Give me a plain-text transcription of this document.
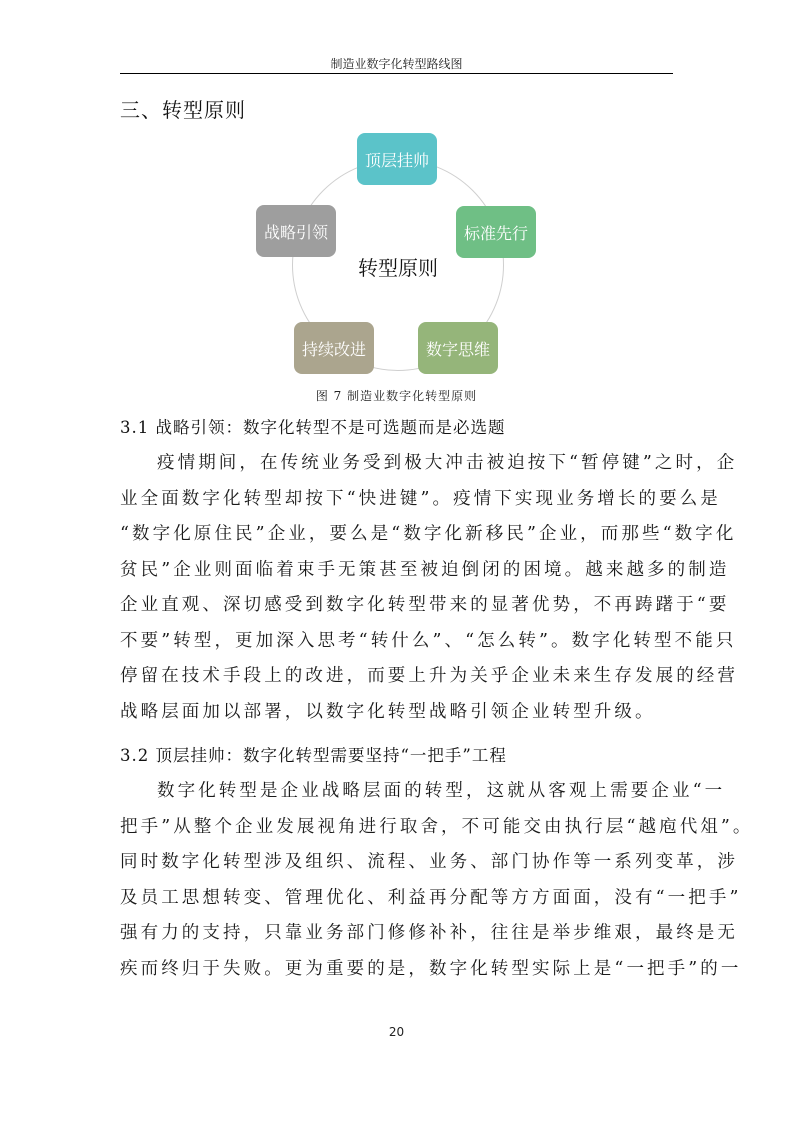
制造业数字化转型路线图
三、转型原则
顶层挂帅
标准先行
数字思维
持续改进
战略引领
转型原则
图 7 制造业数字化转型原则
3.1 战略引领：数字化转型不是可选题而是必选题
疫情期间，在传统业务受到极大冲击被迫按下“暂停键”之时，企
业全面数字化转型却按下“快进键”。疫情下实现业务增长的要么是
“数字化原住民”企业，要么是“数字化新移民”企业，而那些“数字化
贫民”企业则面临着束手无策甚至被迫倒闭的困境。越来越多的制造
企业直观、深切感受到数字化转型带来的显著优势，不再踌躇于“要
不要”转型，更加深入思考“转什么”、“怎么转”。数字化转型不能只
停留在技术手段上的改进，而要上升为关乎企业未来生存发展的经营
战略层面加以部署，以数字化转型战略引领企业转型升级。
3.2 顶层挂帅：数字化转型需要坚持“一把手”工程
数字化转型是企业战略层面的转型，这就从客观上需要企业“一
把手”从整个企业发展视角进行取舍，不可能交由执行层“越庖代俎”。
同时数字化转型涉及组织、流程、业务、部门协作等一系列变革，涉
及员工思想转变、管理优化、利益再分配等方方面面，没有“一把手”
强有力的支持，只靠业务部门修修补补，往往是举步维艰，最终是无
疾而终归于失败。更为重要的是，数字化转型实际上是“一把手”的一
20
